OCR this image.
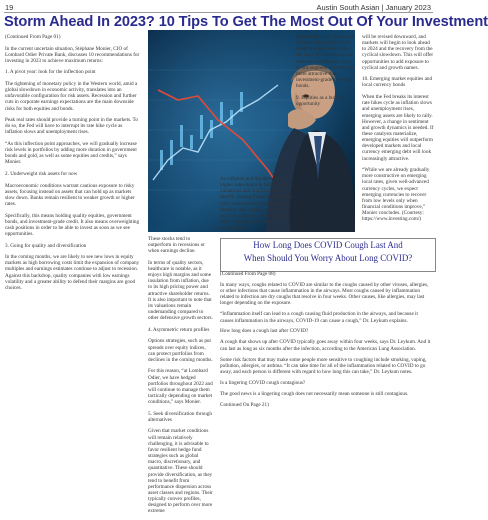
19	Austin South Asian | January 2023
Storm Ahead In 2023? 10 Tips To Get The Most Out Of Your Investment

(Continued From Page 01)

In the current uncertain situation, Stéphane Monier, CIO of Lombard Odier Private Bank, discusses 10 recommendations for investing in 2023 to achieve maximum returns:

1. A pivot year: look for the inflection point

The tightening of monetary policy in the Western world, amid a global slowdown in economic activity, translates into an unfavorable configuration for risk assets. Recession and further cuts in corporate earnings expectations are the main downside risks for both equities and bonds.

Peak real rates should provide a turning point in the markets. To do so, the Fed will have to interrupt its rate hike cycle as inflation slows and unemployment rises.

“As this inflection point approaches, we will gradually increase risk levels in portfolios by adding more duration in government bonds and gold, as well as some equities and credits,” says Monier.

2. Underweight risk assets for now

Macroeconomic conditions warrant cautious exposure to risky assets, focusing instead on assets that can hold up as markets slow down. Banks remain resilient to weaker growth or higher rates.

Specifically, this means holding quality equities, government bonds, and investment-grade credit. It also means overweighting cash positions in order to be able to invest as soon as we see opportunities.

3. Going for quality and diversification

In the coming months, we are likely to see new lows in equity markets as high borrowing costs limit the expansion of company multiples and earnings estimates continue to adjust to recession. Against this backdrop, quality companies with low earnings volatility and a greater ability to defend their margins are good choices.

These stocks tend to outperform in recessions or when earnings decline.

In terms of quality sectors, healthcare is notable, as it enjoys high margins and some insulation from inflation, due to its high pricing power and attractive shareholder returns. It is also important to note that its valuations remain undemanding compared to other defensive growth sectors.

4. Asymmetric return profiles

Options strategies, such as put spreads over equity indices, can protect portfolios from declines in the coming months.

For this reason, “at Lombard Odier, we have hedged portfolios throughout 2022 and will continue to manage them tactically depending on market conditions,” says Monier.

5. Seek diversification through alternatives

Given that market conditions will remain relatively challenging, it is advisable to favor resilient hedge fund strategies such as global macro, discretionary, and quantitative. These should provide diversification, as they tend to benefit from performance dispersion across asset classes and regions. Their typically convex profiles, designed to perform over more extreme

appetite for risky assets will increase. Once high-yield credit spreads better reflect the price of a recession and rates have stabilized, carry in this segment will become more attractive than investment-grade sovereign bonds.

9. Equities as a buying opportunity

As inflation and the threat of higher rates begin to fade, equity valuations and multiples will benefit. Easing financial conditions will cause investor sentiment to improve and, in turn, price-to-earnings ratios to widen. By mid-2023, earnings and sales expectations

will be revised downward, and markets will begin to look ahead to 2024 and the recovery from the cyclical slowdown. This will offer opportunities to add exposure to cyclical and growth names.

10. Emerging market equities and local currency bonds

When the Fed breaks its interest rate hikes cycle as inflation slows and unemployment rises, emerging assets are likely to rally. However, a change in sentiment and growth dynamics is needed. If these catalysts materialize, emerging equities will outperform developed markets and local currency emerging debt will look increasingly attractive.

“While we are already gradually more constructive on emerging local rates, given well-advanced currency cycles, we expect emerging currencies to recover from low levels only when financial conditions improve,” Monier concludes. (Courtesy: https://www.investing.com/)

How Long Does COVID Cough Last And
When Should You Worry About Long COVID?

(Continued From Page 08)

In many ways, coughs related to COVID are similar to the coughs caused by other viruses, allergies, or other infections that cause inflammation in the airways. Most coughs caused by inflammation related to infection are dry coughs that resolve in four weeks. Other causes, like allergies, may last longer depending on the exposure.

“Inflammation itself can lead to a cough causing fluid production in the airways, and because it causes inflammation in the airways, COVID-19 can cause a cough,” Dr. Leykum explains.

How long does a cough last after COVID?

A cough that shows up after COVID typically goes away within four weeks, says Dr. Leykum. And it can last as long as six months after the infection, according to the American Lung Association.

Some risk factors that may make some people more sensitive to coughing include smoking, vaping, pollution, allergies, or asthma. “It can take time for all of the inflammation related to COVID to go away, and each person is different with regard to how long this can take,” Dr. Leykum notes.

Is a lingering COVID cough contagious?

The good news is a lingering cough does not necessarily mean someone is still contagious.

Continued On Page 21)
